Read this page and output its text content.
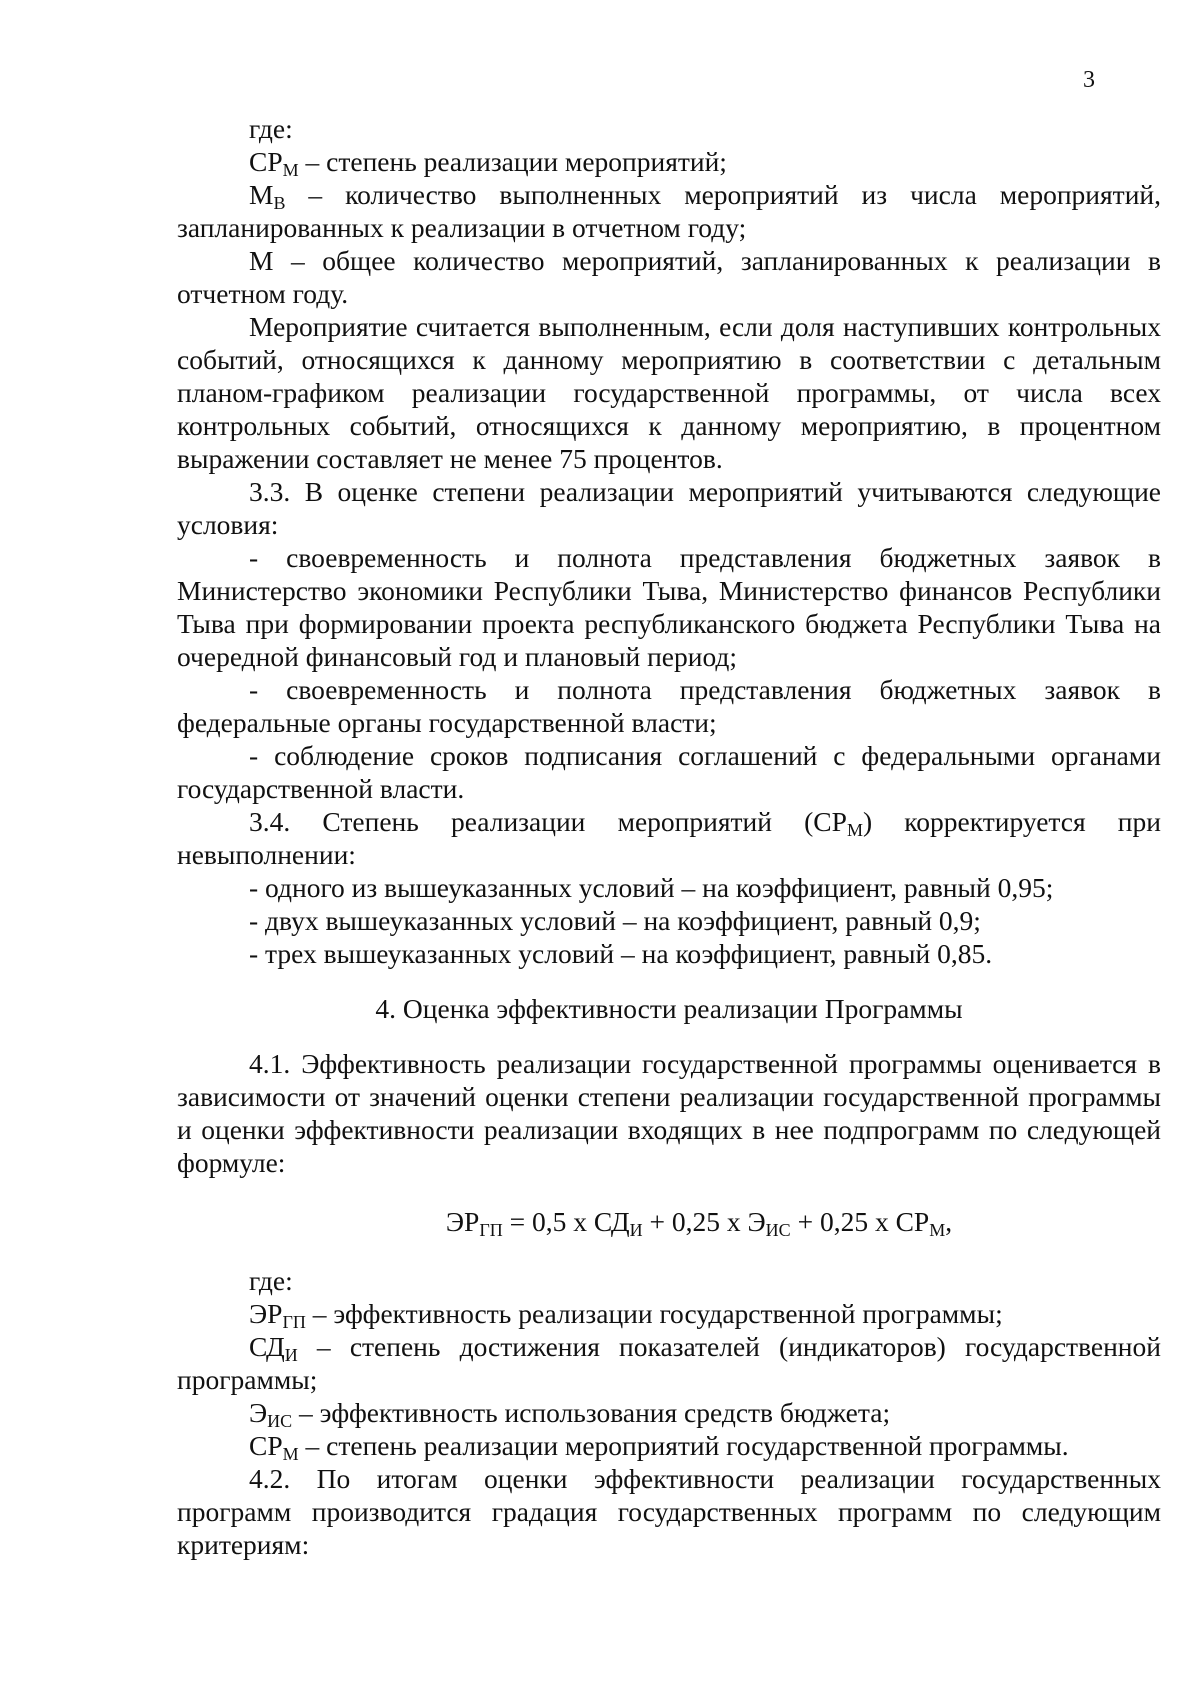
3

где:

$СР_М$ – степень реализации мероприятий;

$М_В$ – количество выполненных мероприятий из числа мероприятий, запланированных к реализации в отчетном году;

М – общее количество мероприятий, запланированных к реализации в отчетном году.

Мероприятие считается выполненным, если доля наступивших контрольных событий, относящихся к данному мероприятию в соответствии с детальным планом-графиком реализации государственной программы, от числа всех контрольных событий, относящихся к данному мероприятию, в процентном выражении составляет не менее 75 процентов.

3.3. В оценке степени реализации мероприятий учитываются следующие условия:

- своевременность и полнота представления бюджетных заявок в Министерство экономики Республики Тыва, Министерство финансов Республики Тыва при формировании проекта республиканского бюджета Республики Тыва на очередной финансовый год и плановый период;

- своевременность и полнота представления бюджетных заявок в федеральные органы государственной власти;

- соблюдение сроков подписания соглашений с федеральными органами государственной власти.

3.4. Степень реализации мероприятий $(СР_М)$ корректируется при невыполнении:

- одного из вышеуказанных условий – на коэффициент, равный 0,95;

- двух вышеуказанных условий – на коэффициент, равный 0,9;

- трех вышеуказанных условий – на коэффициент, равный 0,85.

4. Оценка эффективности реализации Программы

4.1. Эффективность реализации государственной программы оценивается в зависимости от значений оценки степени реализации государственной программы и оценки эффективности реализации входящих в нее подпрограмм по следующей формуле:

$ЭР_{ГП} = 0,5$ х $СД_И + 0,25$ х $Э_{ИС} + 0,25$ х $СР_М$,

где:

$ЭР_{ГП}$ – эффективность реализации государственной программы;

$СД_И$ – степень достижения показателей (индикаторов) государственной программы;

$Э_{ИС}$ – эффективность использования средств бюджета;

$СР_М$ – степень реализации мероприятий государственной программы.

4.2. По итогам оценки эффективности реализации государственных программ производится градация государственных программ по следующим критериям:
